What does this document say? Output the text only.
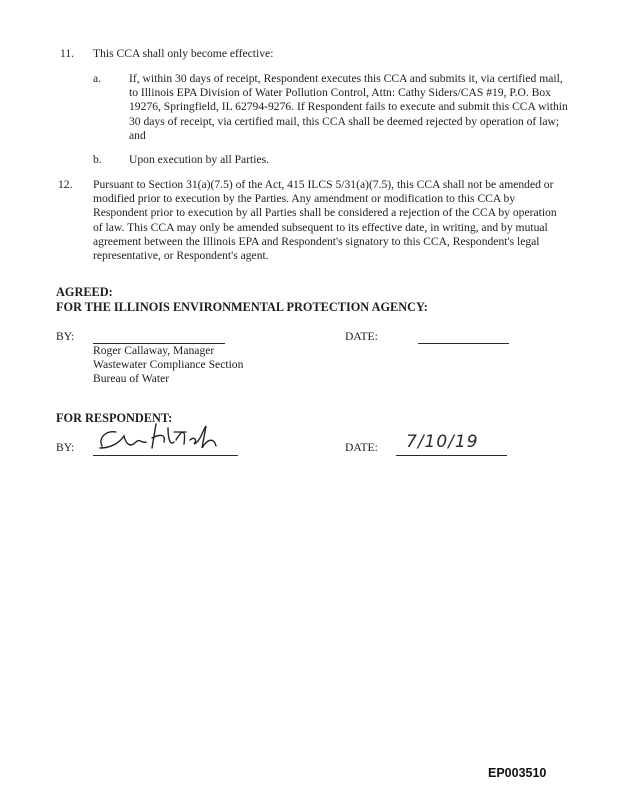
11. This CCA shall only become effective:
a. If, within 30 days of receipt, Respondent executes this CCA and submits it, via certified mail, to Illinois EPA Division of Water Pollution Control, Attn: Cathy Siders/CAS #19, P.O. Box 19276, Springfield, IL 62794-9276. If Respondent fails to execute and submit this CCA within 30 days of receipt, via certified mail, this CCA shall be deemed rejected by operation of law; and
b. Upon execution by all Parties.
12. Pursuant to Section 31(a)(7.5) of the Act, 415 ILCS 5/31(a)(7.5), this CCA shall not be amended or modified prior to execution by the Parties. Any amendment or modification to this CCA by Respondent prior to execution by all Parties shall be considered a rejection of the CCA by operation of law. This CCA may only be amended subsequent to its effective date, in writing, and by mutual agreement between the Illinois EPA and Respondent's signatory to this CCA, Respondent's legal representative, or Respondent's agent.
AGREED:
FOR THE ILLINOIS ENVIRONMENTAL PROTECTION AGENCY:
BY:
Roger Callaway, Manager
Wastewater Compliance Section
Bureau of Water
DATE:
FOR RESPONDENT:
BY:	DATE: 7/10/19
EP003510
